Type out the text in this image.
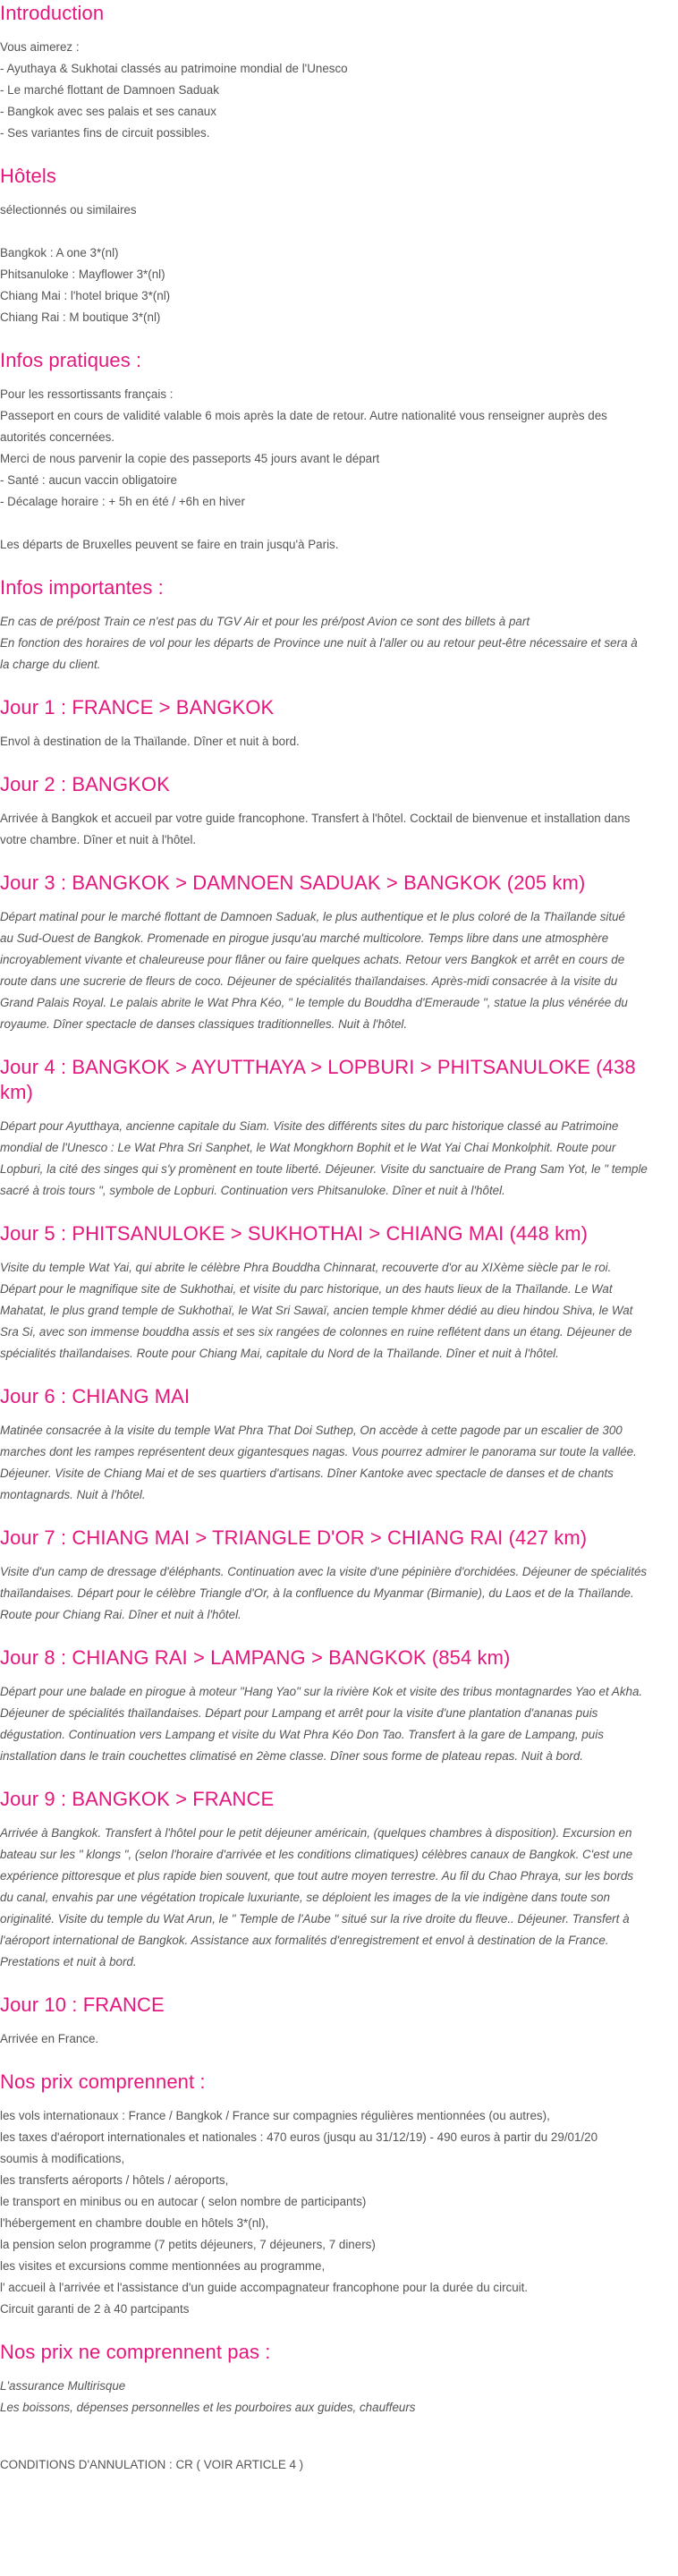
Introduction
Vous aimerez :
- Ayuthaya & Sukhotai classés au patrimoine mondial de l'Unesco
- Le marché flottant de Damnoen Saduak
- Bangkok avec ses palais et ses canaux
- Ses variantes fins de circuit possibles.
Hôtels
sélectionnés ou similaires
Bangkok : A one 3*(nl)
Phitsanuloke : Mayflower 3*(nl)
Chiang Mai : l'hotel brique 3*(nl)
Chiang Rai : M boutique 3*(nl)
Infos pratiques :
Pour les ressortissants français :
Passeport en cours de validité valable 6 mois après la date de retour. Autre nationalité vous renseigner auprès des
autorités concernées.
Merci de nous parvenir la copie des passeports 45 jours avant le départ
- Santé : aucun vaccin obligatoire
- Décalage horaire : + 5h en été / +6h en hiver
Les départs de Bruxelles peuvent se faire en train jusqu'à Paris.
Infos importantes :
En cas de pré/post Train ce n'est pas du TGV Air et pour les pré/post Avion ce sont des billets à part
En fonction des horaires de vol pour les départs de Province une nuit à l'aller ou au retour peut-être nécessaire et sera à
la charge du client.
Jour 1 : FRANCE > BANGKOK
Envol à destination de la Thaïlande. Dîner et nuit à bord.
Jour 2 : BANGKOK
Arrivée à Bangkok et accueil par votre guide francophone. Transfert à l'hôtel. Cocktail de bienvenue et installation dans
votre chambre. Dîner et nuit à l'hôtel.
Jour 3 : BANGKOK > DAMNOEN SADUAK > BANGKOK (205 km)
Départ matinal pour le marché flottant de Damnoen Saduak, le plus authentique et le plus coloré de la Thaïlande situé
au Sud-Ouest de Bangkok. Promenade en pirogue jusqu'au marché multicolore. Temps libre dans une atmosphère
incroyablement vivante et chaleureuse pour flâner ou faire quelques achats. Retour vers Bangkok et arrêt en cours de
route dans une sucrerie de fleurs de coco. Déjeuner de spécialités thaïlandaises. Après-midi consacrée à la visite du
Grand Palais Royal. Le palais abrite le Wat Phra Kéo, " le temple du Bouddha d'Emeraude ", statue la plus vénérée du
royaume. Dîner spectacle de danses classiques traditionnelles. Nuit à l'hôtel.
Jour 4 : BANGKOK > AYUTTHAYA > LOPBURI > PHITSANULOKE (438 km)
Départ pour Ayutthaya, ancienne capitale du Siam. Visite des différents sites du parc historique classé au Patrimoine
mondial de l'Unesco : Le Wat Phra Sri Sanphet, le Wat Mongkhorn Bophit et le Wat Yai Chai Monkolphit. Route pour
Lopburi, la cité des singes qui s'y promènent en toute liberté. Déjeuner. Visite du sanctuaire de Prang Sam Yot, le " temple
sacré à trois tours ", symbole de Lopburi. Continuation vers Phitsanuloke. Dîner et nuit à l'hôtel.
Jour 5 : PHITSANULOKE > SUKHOTHAI > CHIANG MAI (448 km)
Visite du temple Wat Yai, qui abrite le célèbre Phra Bouddha Chinnarat, recouverte d'or au XIXème siècle par le roi.
Départ pour le magnifique site de Sukhothai, et visite du parc historique, un des hauts lieux de la Thaïlande. Le Wat
Mahatat, le plus grand temple de Sukhothaï, le Wat Sri Sawaï, ancien temple khmer dédié au dieu hindou Shiva, le Wat
Sra Si, avec son immense bouddha assis et ses six rangées de colonnes en ruine reflétent dans un étang. Déjeuner de
spécialités thaïlandaises. Route pour Chiang Mai, capitale du Nord de la Thaïlande. Dîner et nuit à l'hôtel.
Jour 6 : CHIANG MAI
Matinée consacrée à la visite du temple Wat Phra That Doi Suthep, On accède à cette pagode par un escalier de 300
marches dont les rampes représentent deux gigantesques nagas. Vous pourrez admirer le panorama sur toute la vallée.
Déjeuner. Visite de Chiang Mai et de ses quartiers d'artisans. Dîner Kantoke avec spectacle de danses et de chants
montagnards. Nuit à l'hôtel.
Jour 7 : CHIANG MAI > TRIANGLE D'OR > CHIANG RAI (427 km)
Visite d'un camp de dressage d'éléphants. Continuation avec la visite d'une pépinière d'orchidées. Déjeuner de spécialités
thaïlandaises. Départ pour le célèbre Triangle d'Or, à la confluence du Myanmar (Birmanie), du Laos et de la Thaïlande.
Route pour Chiang Rai. Dîner et nuit à l'hôtel.
Jour 8 : CHIANG RAI > LAMPANG > BANGKOK (854 km)
Départ pour une balade en pirogue à moteur "Hang Yao" sur la rivière Kok et visite des tribus montagnardes Yao et Akha.
Déjeuner de spécialités thaïlandaises. Départ pour Lampang et arrêt pour la visite d'une plantation d'ananas puis
dégustation. Continuation vers Lampang et visite du Wat Phra Kéo Don Tao. Transfert à la gare de Lampang, puis
installation dans le train couchettes climatisé en 2ème classe. Dîner sous forme de plateau repas. Nuit à bord.
Jour 9 : BANGKOK > FRANCE
Arrivée à Bangkok. Transfert à l'hôtel pour le petit déjeuner américain, (quelques chambres à disposition). Excursion en
bateau sur les " klongs ", (selon l'horaire d'arrivée et les conditions climatiques) célèbres canaux de Bangkok. C'est une
expérience pittoresque et plus rapide bien souvent, que tout autre moyen terrestre. Au fil du Chao Phraya, sur les bords
du canal, envahis par une végétation tropicale luxuriante, se déploient les images de la vie indigène dans toute son
originalité. Visite du temple du Wat Arun, le " Temple de l'Aube " situé sur la rive droite du fleuve.. Déjeuner. Transfert à
l'aéroport international de Bangkok. Assistance aux formalités d'enregistrement et envol à destination de la France.
Prestations et nuit à bord.
Jour 10 : FRANCE
Arrivée en France.
Nos prix comprennent :
les vols internationaux : France / Bangkok / France sur compagnies régulières mentionnées (ou autres),
les taxes d'aéroport internationales et nationales : 470 euros (jusqu au 31/12/19) - 490 euros à partir du 29/01/20
soumis à modifications,
les transferts aéroports / hôtels / aéroports,
le transport en minibus ou en autocar ( selon nombre de participants)
l'hébergement en chambre double en hôtels 3*(nl),
la pension selon programme (7 petits déjeuners, 7 déjeuners, 7 diners)
les visites et excursions comme mentionnées au programme,
l' accueil à l'arrivée et l'assistance d'un guide accompagnateur francophone pour la durée du circuit.
Circuit garanti de 2 à 40 partcipants
Nos prix ne comprennent pas :
L'assurance Multirisque
Les boissons, dépenses personnelles et les pourboires aux guides, chauffeurs
CONDITIONS D'ANNULATION : CR ( VOIR ARTICLE 4 )
